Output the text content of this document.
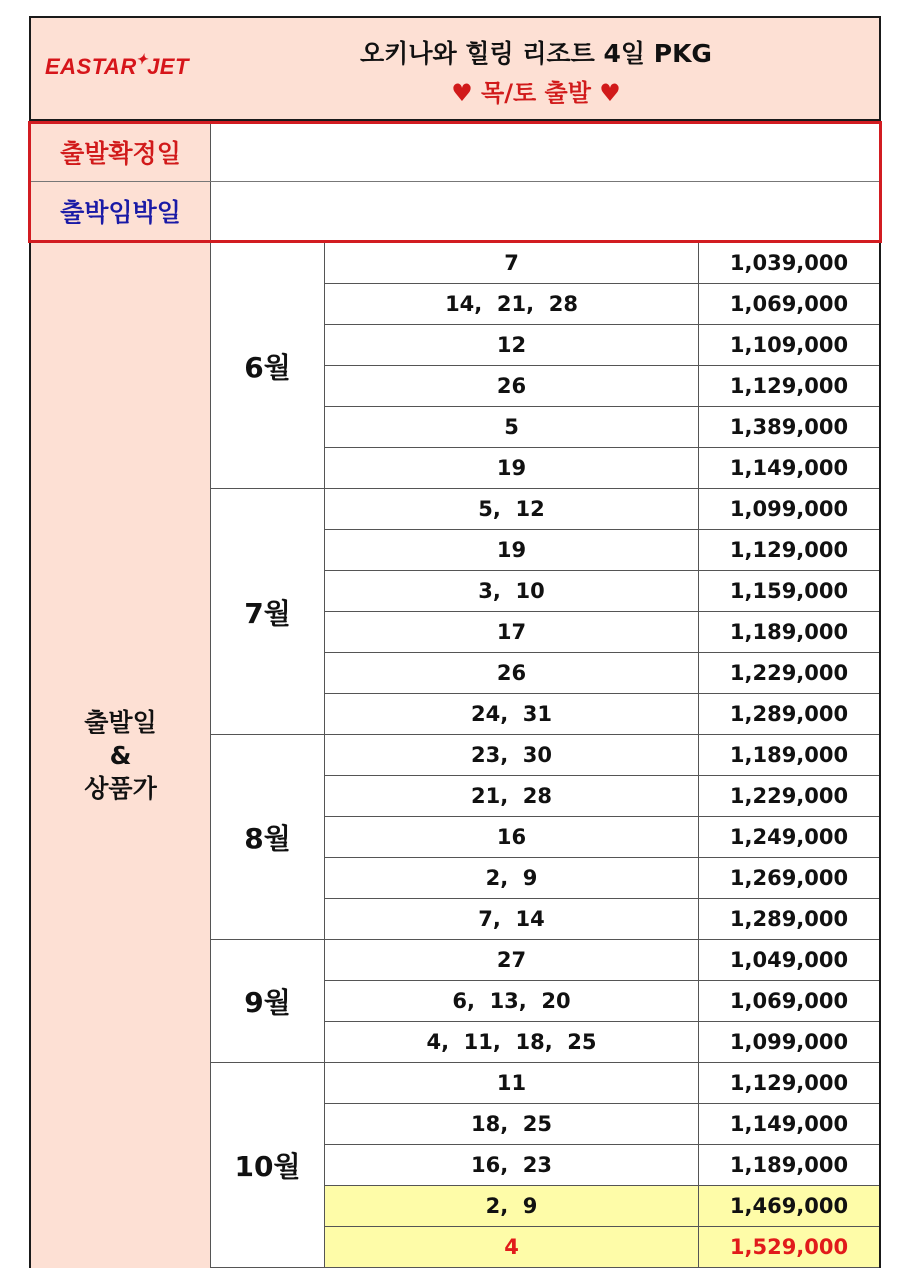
EASTAR✦JET	오키나와 힐링 리조트 4일 PKG
♥ 목/토 출발 ♥
출발확정일
출박임박일
출발일
&
상품가
6월
7	1,039,000
14,  21,  28	1,069,000
12	1,109,000
26	1,129,000
5	1,389,000
19	1,149,000
7월
5,  12	1,099,000
19	1,129,000
3,  10	1,159,000
17	1,189,000
26	1,229,000
24,  31	1,289,000
8월
23,  30	1,189,000
21,  28	1,229,000
16	1,249,000
2,  9	1,269,000
7,  14	1,289,000
9월
27	1,049,000
6,  13,  20	1,069,000
4,  11,  18,  25	1,099,000
10월
11	1,129,000
18,  25	1,149,000
16,  23	1,189,000
2,  9	1,469,000
4	1,529,000
